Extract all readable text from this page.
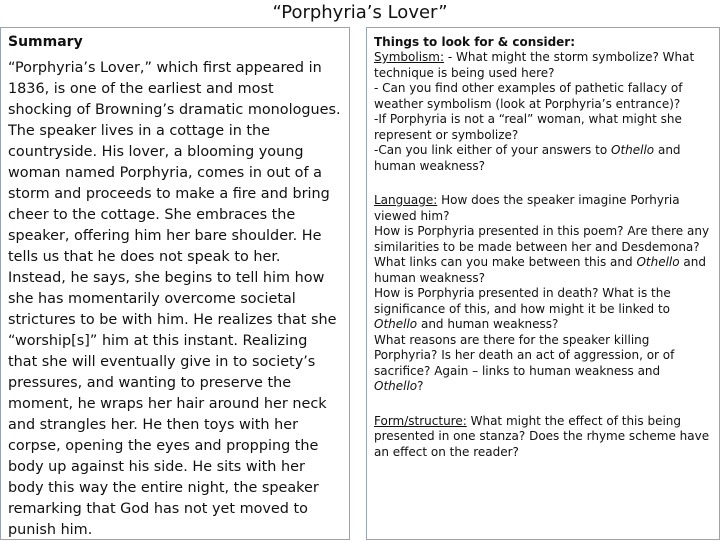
“Porphyria’s Lover”
Summary

“Porphyria’s Lover,” which first appeared in 1836, is one of the earliest and most shocking of Browning’s dramatic monologues. The speaker lives in a cottage in the countryside. His lover, a blooming young woman named Porphyria, comes in out of a storm and proceeds to make a fire and bring cheer to the cottage. She embraces the speaker, offering him her bare shoulder. He tells us that he does not speak to her. Instead, he says, she begins to tell him how she has momentarily overcome societal strictures to be with him. He realizes that she “worship[s]” him at this instant. Realizing that she will eventually give in to society’s pressures, and wanting to preserve the moment, he wraps her hair around her neck and strangles her. He then toys with her corpse, opening the eyes and propping the body up against his side. He sits with her body this way the entire night, the speaker remarking that God has not yet moved to punish him.

Things to look for & consider:

Symbolism: - What might the storm symbolize? What technique is being used here?

- Can you find other examples of pathetic fallacy of weather symbolism (look at Porphyria’s entrance)?

-If Porphyria is not a “real” woman, what might she represent or symbolize?

-Can you link either of your answers to Othello and human weakness?

Language: How does the speaker imagine Porhyria viewed him?

How is Porphyria presented in this poem? Are there any similarities to be made between her and Desdemona? What links can you make between this and Othello and human weakness?

How is Porphyria presented in death? What is the significance of this, and how might it be linked to Othello and human weakness?

What reasons are there for the speaker killing Porphyria? Is her death an act of aggression, or of sacrifice? Again – links to human weakness and Othello?

Form/structure: What might the effect of this being presented in one stanza? Does the rhyme scheme have an effect on the reader?
